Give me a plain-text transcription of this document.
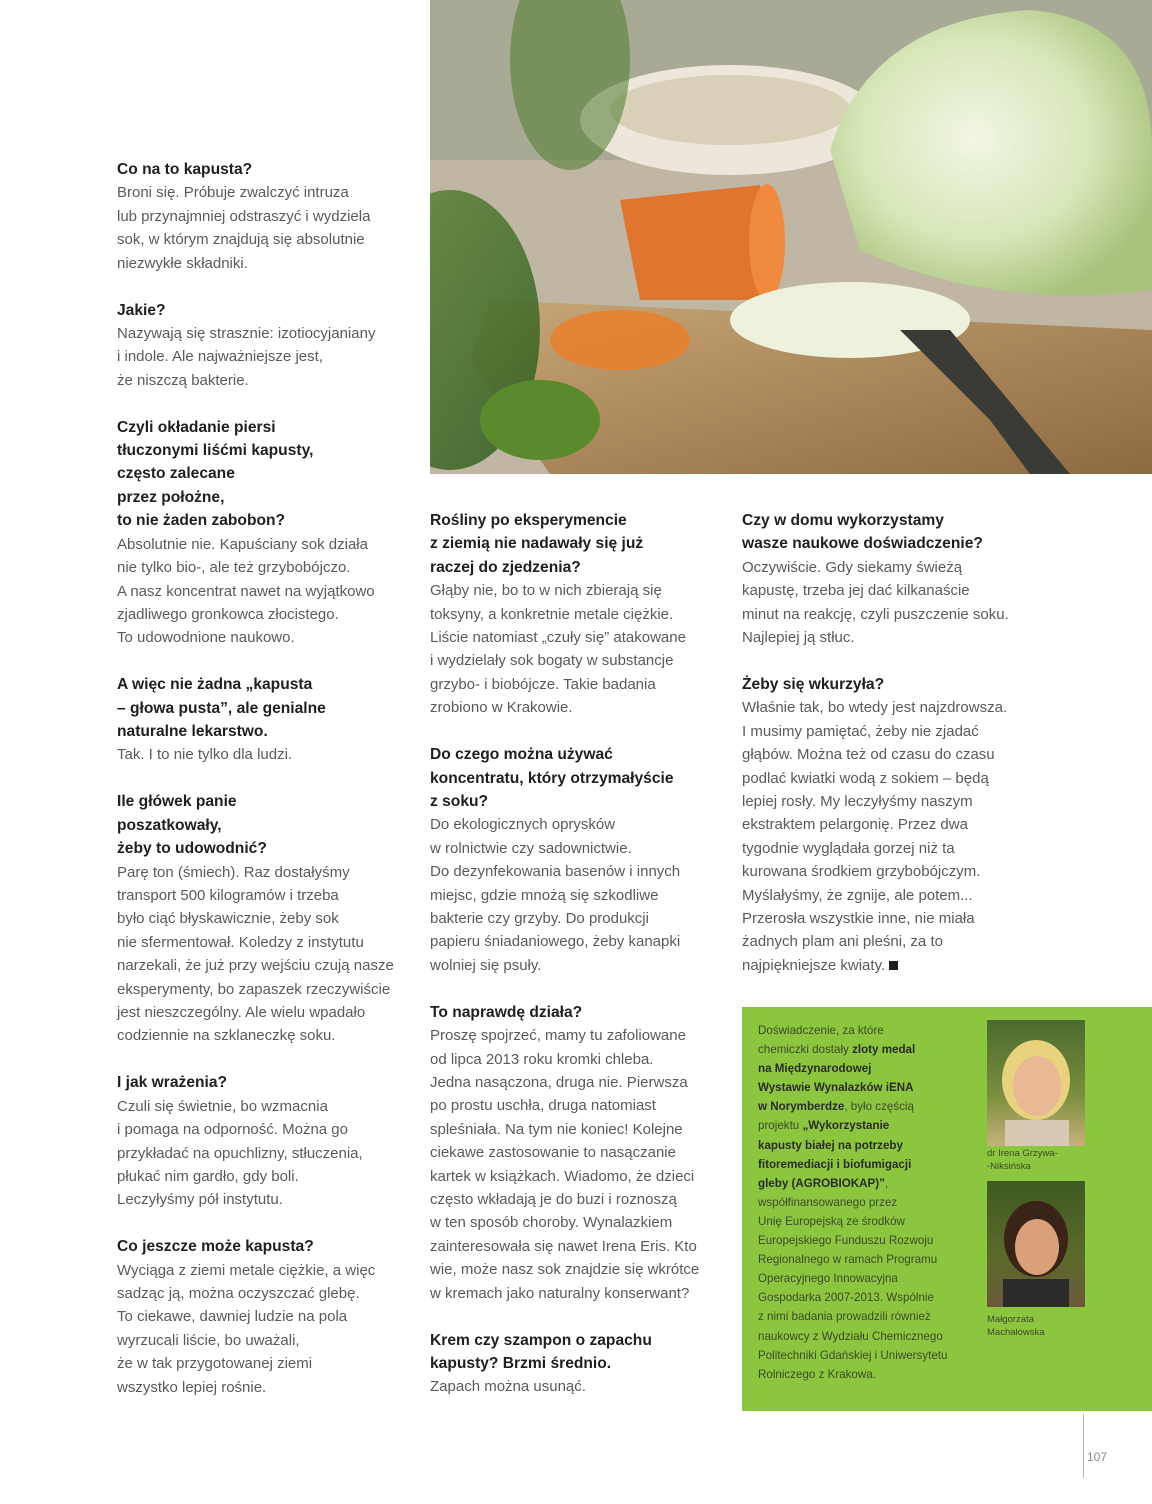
Co na to kapusta?
Broni się. Próbuje zwalczyć intruza
lub przynajmniej odstraszyć i wydziela
sok, w którym znajdują się absolutnie
niezwykłe składniki.
Jakie?
Nazywają się strasznie: izotiocyjaniany
i indole. Ale najważniejsze jest,
że niszczą bakterie.
Czyli okładanie piersi
tłuczonymi liśćmi kapusty,
często zalecane
przez położne,
to nie żaden zabobon?
Absolutnie nie. Kapuściany sok działa
nie tylko bio-, ale też grzybobójczo.
A nasz koncentrat nawet na wyjątkowo
zjadliwego gronkowca złocistego.
To udowodnione naukowo.
A więc nie żadna „kapusta
– głowa pusta”, ale genialne
naturalne lekarstwo.
Tak. I to nie tylko dla ludzi.
Ile główek panie
poszatkowały,
żeby to udowodnić?
Parę ton (śmiech). Raz dostałyśmy
transport 500 kilogramów i trzeba
było ciąć błyskawicznie, żeby sok
nie sfermentował. Koledzy z instytutu
narzekali, że już przy wejściu czują nasze
eksperymenty, bo zapaszek rzeczywiście
jest nieszczególny. Ale wielu wpadało
codziennie na szklaneczkę soku.
I jak wrażenia?
Czuli się świetnie, bo wzmacnia
i pomaga na odporność. Można go
przykładać na opuchlizny, stłuczenia,
płukać nim gardło, gdy boli.
Leczyłyśmy pół instytutu.
Co jeszcze może kapusta?
Wyciąga z ziemi metale ciężkie, a więc
sadząc ją, można oczyszczać glebę.
To ciekawe, dawniej ludzie na pola
wyrzucali liście, bo uważali,
że w tak przygotowanej ziemi
wszystko lepiej rośnie.
Rośliny po eksperymencie
z ziemią nie nadawały się już
raczej do zjedzenia?
Głąby nie, bo to w nich zbierają się
toksyny, a konkretnie metale ciężkie.
Liście natomiast „czuły się” atakowane
i wydzielały sok bogaty w substancje
grzybo- i biobójcze. Takie badania
zrobiono w Krakowie.
Do czego można używać
koncentratu, który otrzymałyście
z soku?
Do ekologicznych oprysków
w rolnictwie czy sadownictwie.
Do dezynfekowania basenów i innych
miejsc, gdzie mnożą się szkodliwe
bakterie czy grzyby. Do produkcji
papieru śniadaniowego, żeby kanapki
wolniej się psuły.
To naprawdę działa?
Proszę spojrzeć, mamy tu zafoliowane
od lipca 2013 roku kromki chleba.
Jedna nasączona, druga nie. Pierwsza
po prostu uschła, druga natomiast
spleśniała. Na tym nie koniec! Kolejne
ciekawe zastosowanie to nasączanie
kartek w książkach. Wiadomo, że dzieci
często wkładają je do buzi i roznoszą
w ten sposób choroby. Wynalazkiem
zainteresowała się nawet Irena Eris. Kto
wie, może nasz sok znajdzie się wkrótce
w kremach jako naturalny konserwant?
Krem czy szampon o zapachu
kapusty? Brzmi średnio.
Zapach można usunąć.
Czy w domu wykorzystamy
wasze naukowe doświadczenie?
Oczywiście. Gdy siekamy świeżą
kapustę, trzeba jej dać kilkanaście
minut na reakcję, czyli puszczenie soku.
Najlepiej ją stłuc.
Żeby się wkurzyła?
Właśnie tak, bo wtedy jest najzdrowsza.
I musimy pamiętać, żeby nie zjadać
głąbów. Można też od czasu do czasu
podlać kwiatki wodą z sokiem – będą
lepiej rosły. My leczyłyśmy naszym
ekstraktem pelargonię. Przez dwa
tygodnie wyglądała gorzej niż ta
kurowana środkiem grzybobójczym.
Myślałyśmy, że zgnije, ale potem...
Przerosła wszystkie inne, nie miała
żadnych plam ani pleśni, za to
najpiękniejsze kwiaty.
Doświadczenie, za które
chemiczki dostały zloty medal
na Międzynarodowej
Wystawie Wynalazków iENA
w Norymberdze, było częścią
projektu „Wykorzystanie
kapusty białej na potrzeby
fitoremediacji i biofumigacji
gleby (AGROBIOKAP)”,
współfinansowanego przez
Unię Europejską ze środków
Europejskiego Funduszu Rozwoju
Regionalnego w ramach Programu
Operacyjnego Innowacyjna
Gospodarka 2007-2013. Wspólnie
z nimi badania prowadzili również
naukowcy z Wydziału Chemicznego
Politechniki Gdańskiej i Uniwersytetu
Rolniczego z Krakowa.
dr Irena Grzywa-
-Niksińska
Małgorzata
Machałowska
107
